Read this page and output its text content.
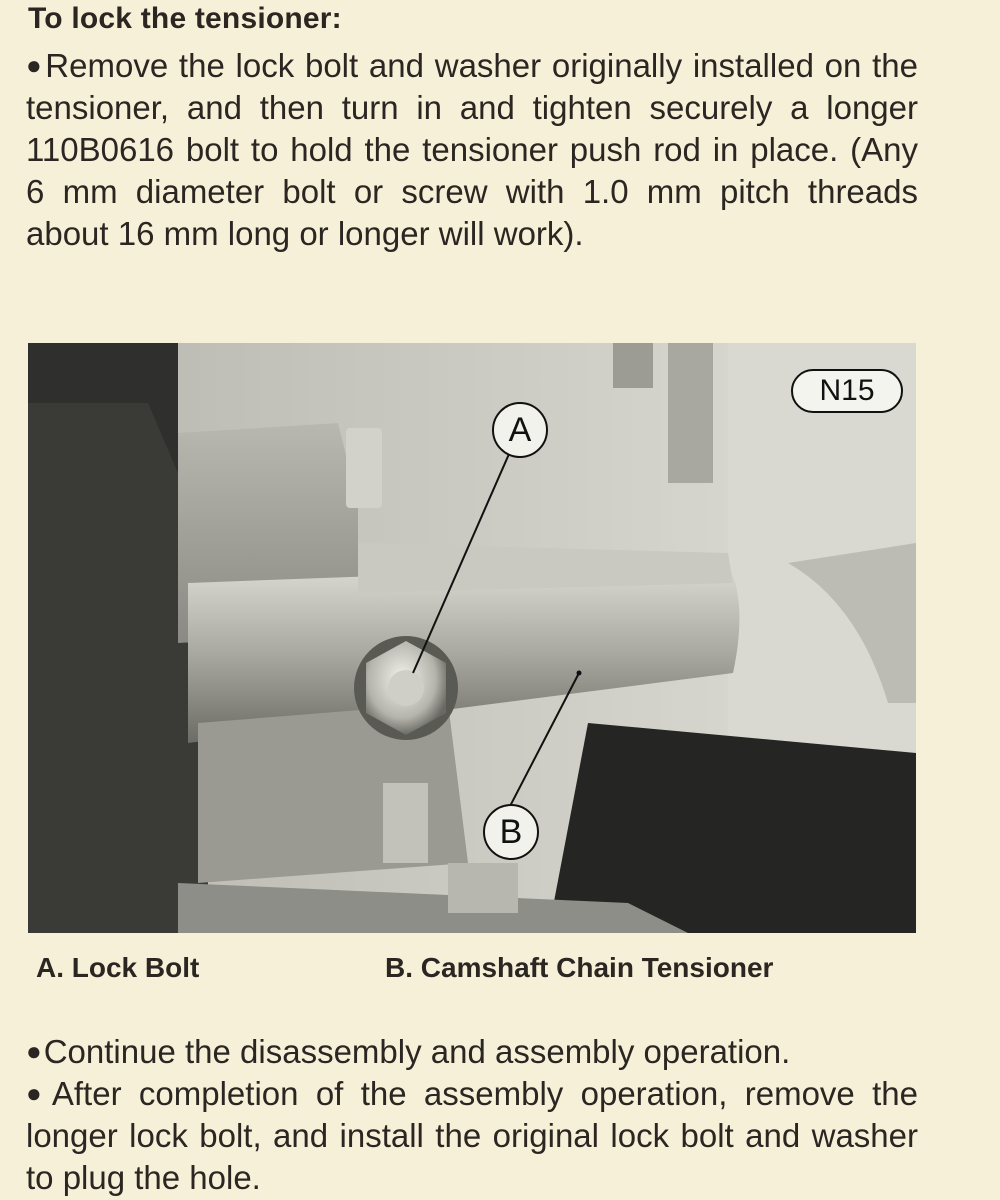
To lock the tensioner:
●Remove the lock bolt and washer originally installed on the tensioner, and then turn in and tighten securely a longer 110B0616 bolt to hold the tensioner push rod in place. (Any 6 mm diameter bolt or screw with 1.0 mm pitch threads about 16 mm long or longer will work).
A
B
N15
A. Lock Bolt	B. Camshaft Chain Tensioner
●Continue the disassembly and assembly operation.
●After completion of the assembly operation, remove the longer lock bolt, and install the original lock bolt and washer to plug the hole.
